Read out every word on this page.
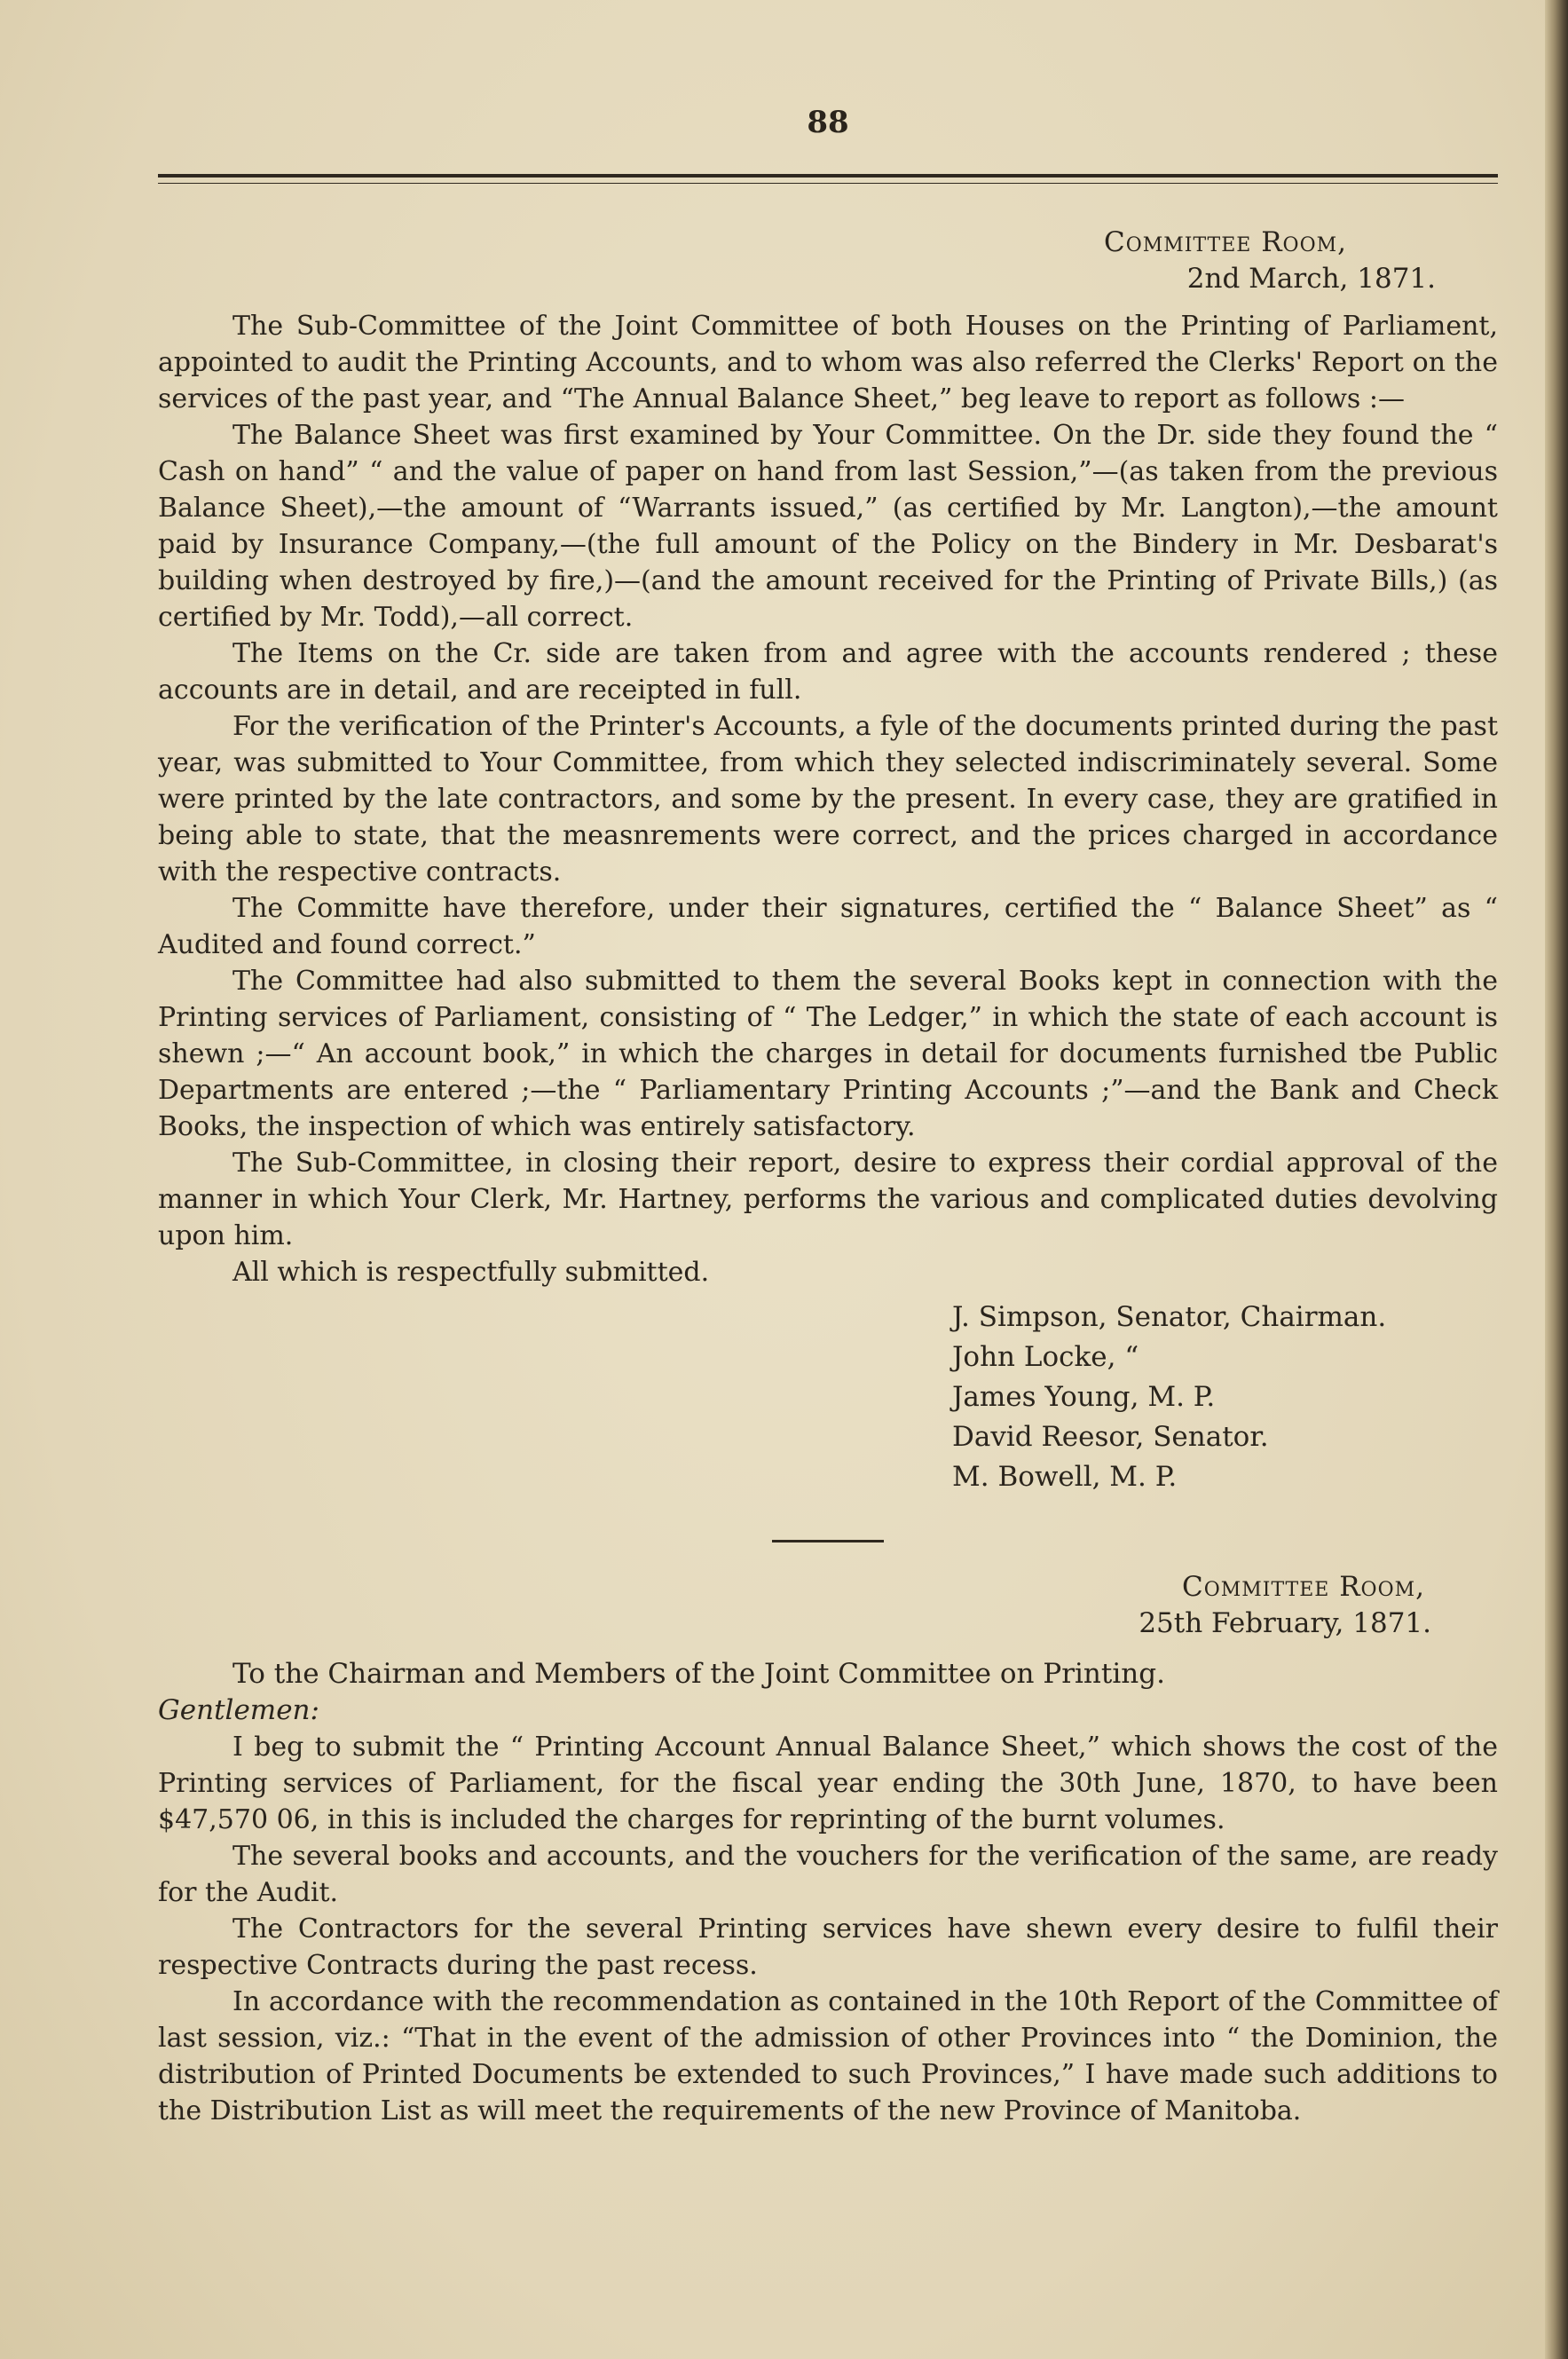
88
Committee Room,
2nd March, 1871.

The Sub-Committee of the Joint Committee of both Houses on the Printing of Parliament, appointed to audit the Printing Accounts, and to whom was also referred the Clerks' Report on the services of the past year, and “The Annual Balance Sheet,” beg leave to report as follows :—

The Balance Sheet was first examined by Your Committee. On the Dr. side they found the “ Cash on hand” “ and the value of paper on hand from last Session,”—(as taken from the previous Balance Sheet),—the amount of “Warrants issued,” (as certified by Mr. Langton),—the amount paid by Insurance Company,—(the full amount of the Policy on the Bindery in Mr. Desbarat's building when destroyed by fire,)—(and the amount received for the Printing of Private Bills,) (as certified by Mr. Todd),—all correct.

The Items on the Cr. side are taken from and agree with the accounts rendered ; these accounts are in detail, and are receipted in full.

For the verification of the Printer's Accounts, a fyle of the documents printed during the past year, was submitted to Your Committee, from which they selected indiscriminately several. Some were printed by the late contractors, and some by the present. In every case, they are gratified in being able to state, that the measnrements were correct, and the prices charged in accordance with the respective contracts.

The Committe have therefore, under their signatures, certified the “ Balance Sheet” as “ Audited and found correct.”

The Committee had also submitted to them the several Books kept in connection with the Printing services of Parliament, consisting of “ The Ledger,” in which the state of each account is shewn ;—“ An account book,” in which the charges in detail for documents furnished tbe Public Departments are entered ;—the “ Parliamentary Printing Accounts ;”—and the Bank and Check Books, the inspection of which was entirely satisfactory.

The Sub-Committee, in closing their report, desire to express their cordial approval of the manner in which Your Clerk, Mr. Hartney, performs the various and complicated duties devolving upon him.

All which is respectfully submitted.

J. Simpson, Senator, Chairman.
John Locke, “
James Young, M. P.
David Reesor, Senator.
M. Bowell, M. P.
Committee Room,
25th February, 1871.
To the Chairman and Members of the Joint Committee on Printing.
Gentlemen:

I beg to submit the “ Printing Account Annual Balance Sheet,” which shows the cost of the Printing services of Parliament, for the fiscal year ending the 30th June, 1870, to have been $47,570 06, in this is included the charges for reprinting of the burnt volumes.

The several books and accounts, and the vouchers for the verification of the same, are ready for the Audit.

The Contractors for the several Printing services have shewn every desire to fulfil their respective Contracts during the past recess.

In accordance with the recommendation as contained in the 10th Report of the Committee of last session, viz.: “That in the event of the admission of other Provinces into “ the Dominion, the distribution of Printed Documents be extended to such Provinces,” I have made such additions to the Distribution List as will meet the requirements of the new Province of Manitoba.
